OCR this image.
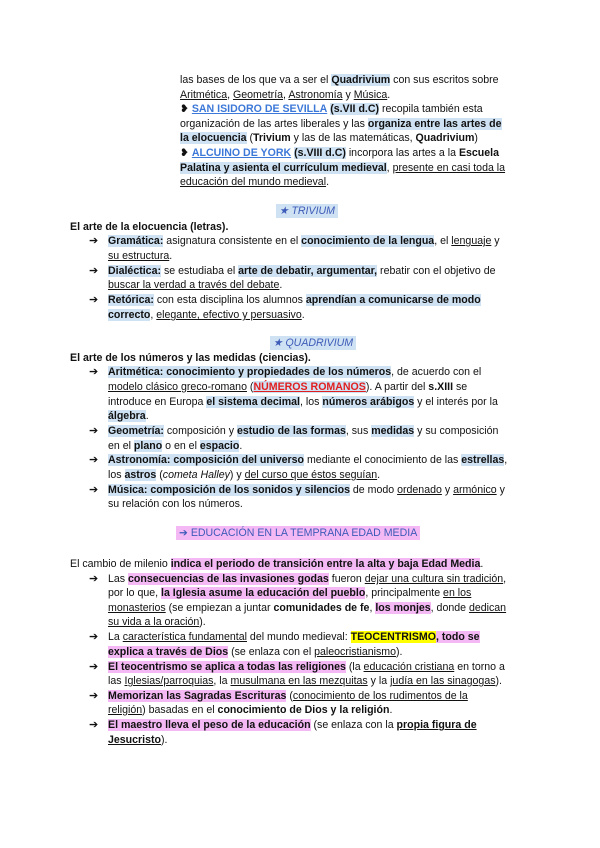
las bases de los que va a ser el Quadrivium con sus escritos sobre
Aritmética, Geometría, Astronomía y Música.
❥ SAN ISIDORO DE SEVILLA (s.VII d.C) recopila también esta
organización de las artes liberales y las organiza entre las artes de
la elocuencia (Trivium y las de las matemáticas, Quadrivium)
❥ ALCUINO DE YORK (s.VIII d.C) incorpora las artes a la Escuela
Palatina y asienta el currículum medieval, presente en casi toda la
educación del mundo medieval.
★ TRIVIUM
El arte de la elocuencia (letras).
➔ Gramática: asignatura consistente en el conocimiento de la lengua, el lenguaje y
su estructura.
➔ Dialéctica: se estudiaba el arte de debatir, argumentar, rebatir con el objetivo de
buscar la verdad a través del debate.
➔ Retórica: con esta disciplina los alumnos aprendían a comunicarse de modo
correcto, elegante, efectivo y persuasivo.
★ QUADRIVIUM
El arte de los números y las medidas (ciencias).
➔ Aritmética: conocimiento y propiedades de los números, de acuerdo con el
modelo clásico greco-romano (NÚMEROS ROMANOS). A partir del s.XIII se
introduce en Europa el sistema decimal, los números arábigos y el interés por la
álgebra.
➔ Geometría: composición y estudio de las formas, sus medidas y su composición
en el plano o en el espacio.
➔ Astronomía: composición del universo mediante el conocimiento de las estrellas,
los astros (cometa Halley) y del curso que éstos seguían.
➔ Música: composición de los sonidos y silencios de modo ordenado y armónico y
su relación con los números.
➔ EDUCACIÓN EN LA TEMPRANA EDAD MEDIA
El cambio de milenio indica el periodo de transición entre la alta y baja Edad Media.
➔ Las consecuencias de las invasiones godas fueron dejar una cultura sin tradición,
por lo que, la Iglesia asume la educación del pueblo, principalmente en los
monasterios (se empiezan a juntar comunidades de fe, los monjes, donde dedican
su vida a la oración).
➔ La característica fundamental del mundo medieval: TEOCENTRISMO, todo se
explica a través de Dios (se enlaza con el paleocristianismo).
➔ El teocentrismo se aplica a todas las religiones (la educación cristiana en torno a
las Iglesias/parroquias, la musulmana en las mezquitas y la judía en las sinagogas).
➔ Memorizan las Sagradas Escrituras (conocimiento de los rudimentos de la
religión) basadas en el conocimiento de Dios y la religión.
➔ El maestro lleva el peso de la educación (se enlaza con la propia figura de
Jesucristo).
